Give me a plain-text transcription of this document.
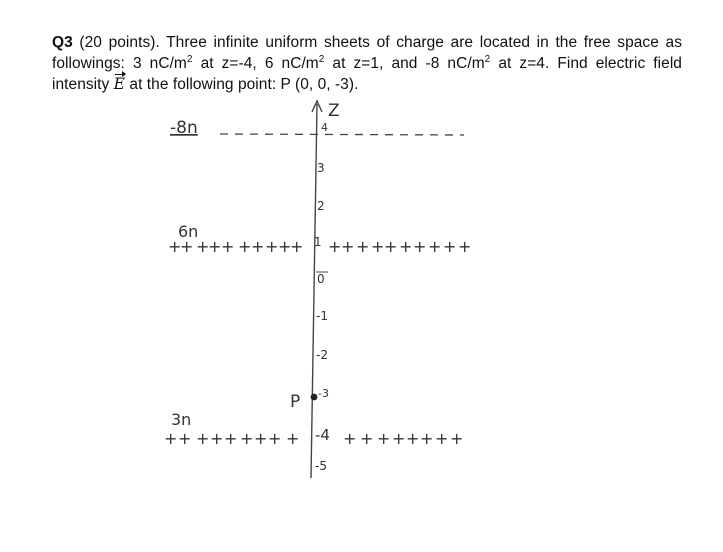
Q3 (20 points). Three infinite uniform sheets of charge are located in the free space as followings: 3 $nC/m^2$ at z=-4, 6 $nC/m^2$ at z=1, and -8 $nC/m^2$ at z=4. Find electric field intensity E at the following point: P (0, 0, -3).
Z
-8n	4
3
2
6n
+
+ +
+ + + + + +
+ + + + + + + + + + +
1
0
-1
-2
P -3
3n
+ + + + + + + + +	+ + + + + + + +
-4
-5
